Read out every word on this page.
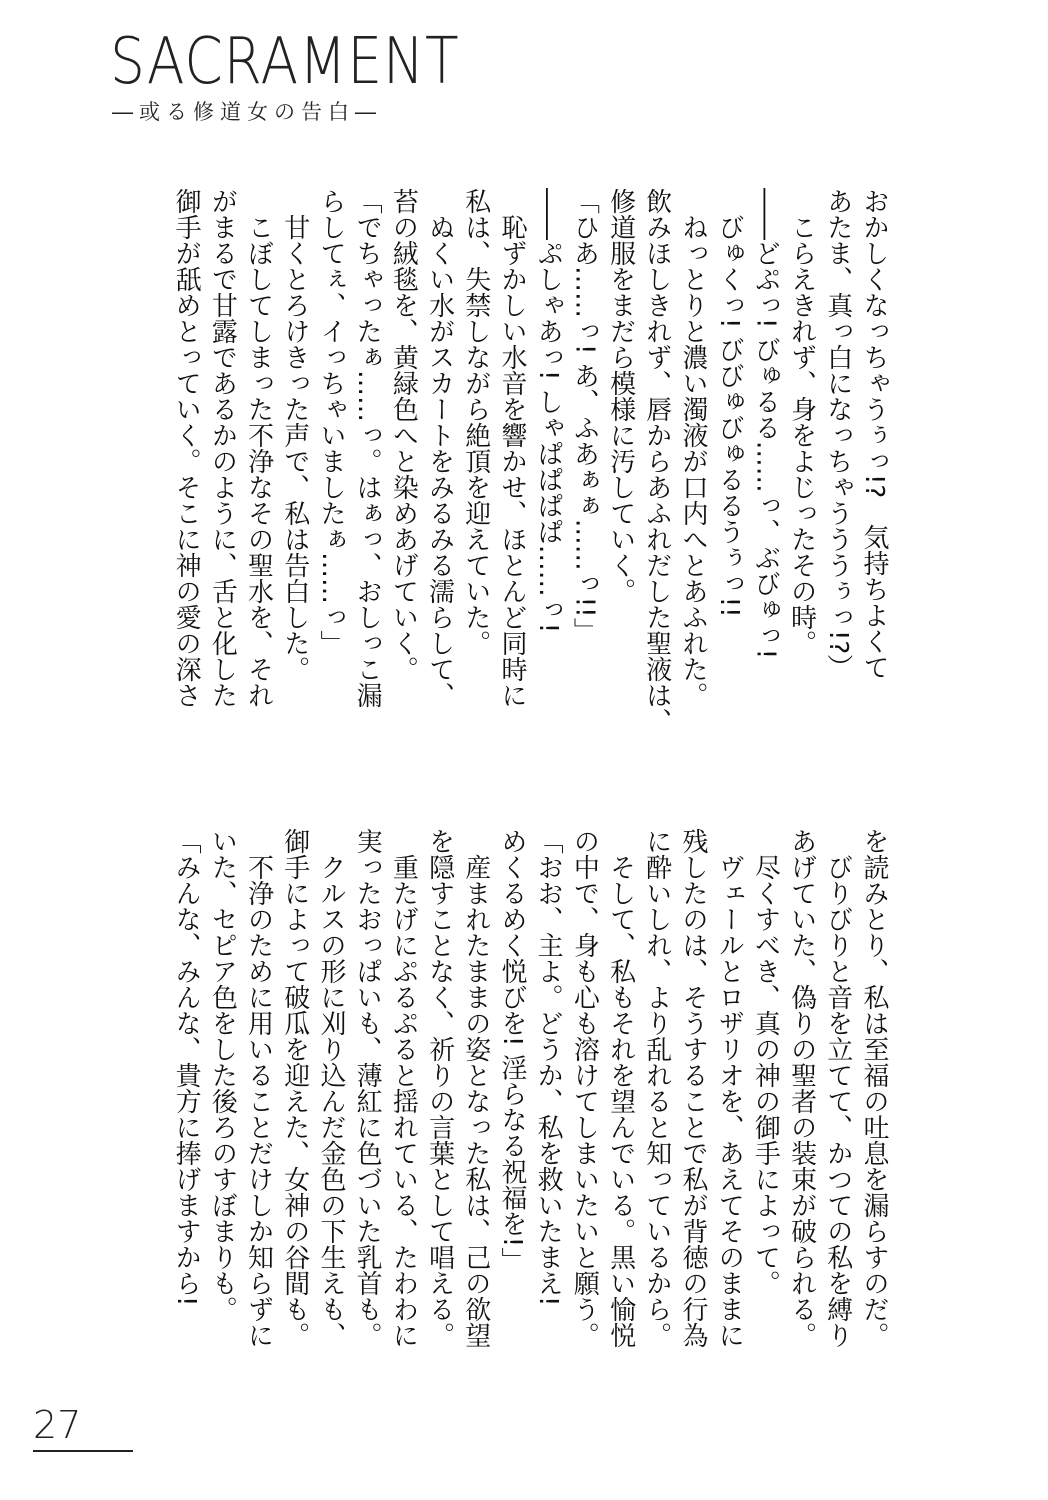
SACRAMENT
―或る修道女の告白―
おかしくなっちゃうぅっ!?　気持ちよくて
あたま、真っ白になっちゃうううぅっ!?）
　こらえきれず、身をよじったその時。
――どぷっ! びゅるる……っ、ぶびゅっ!
　びゅくっ! びびゅびゅるるうぅっ!!
　ねっとりと濃い濁液が口内へとあふれた。
飲みほしきれず、唇からあふれだした聖液は、
修道服をまだら模様に汚していく。
「ひあ……っ! あ、ふあぁぁ……っ!!」
――ぷしゃあっ! しゃぱぱぱぱ……っ!
　恥ずかしい水音を響かせ、ほとんど同時に
私は、失禁しながら絶頂を迎えていた。
　ぬくい水がスカートをみるみる濡らして、
苔の絨毯を、黄緑色へと染めあげていく。
「でちゃったぁ……っ。はぁっ、おしっこ漏
らしてぇ、イっちゃいましたぁ……っ」
　甘くとろけきった声で、私は告白した。
　こぼしてしまった不浄なその聖水を、それ
がまるで甘露であるかのように、舌と化した
御手が舐めとっていく。そこに神の愛の深さ
を読みとり、私は至福の吐息を漏らすのだ。
　びりびりと音を立てて、かつての私を縛り
あげていた、偽りの聖者の装束が破られる。
　尽くすべき、真の神の御手によって。
　ヴェールとロザリオを、あえてそのままに
残したのは、そうすることで私が背徳の行為
に酔いしれ、より乱れると知っているから。
　そして、私もそれを望んでいる。黒い愉悦
の中で、身も心も溶けてしまいたいと願う。
「おお、主よ。どうか、私を救いたまえ!
めくるめく悦びを! 淫らなる祝福を!」
　産まれたままの姿となった私は、己の欲望
を隠すことなく、祈りの言葉として唱える。
　重たげにぷるぷると揺れている、たわわに
実ったおっぱいも、薄紅に色づいた乳首も。
　クルスの形に刈り込んだ金色の下生えも、
御手によって破瓜を迎えた、女神の谷間も。
　不浄のために用いることだけしか知らずに
いた、セピア色をした後ろのすぼまりも。
「みんな、みんな、貴方に捧げますから!
27
